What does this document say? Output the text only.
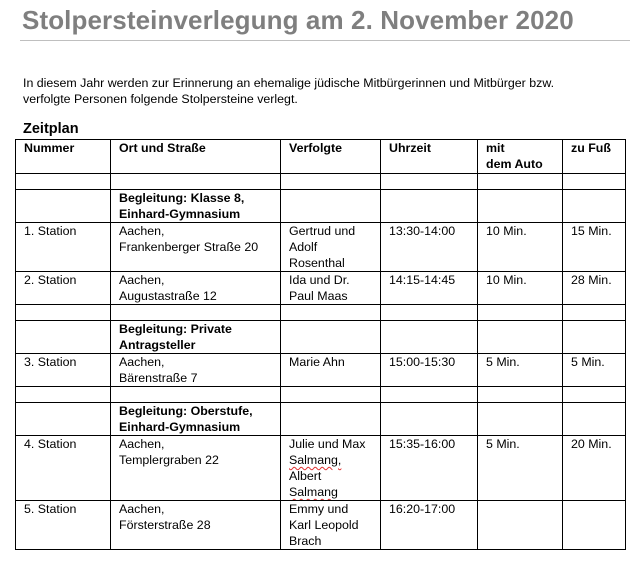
Stolpersteinverlegung am 2. November 2020
In diesem Jahr werden zur Erinnerung an ehemalige jüdische Mitbürgerinnen und Mitbürger bzw.
verfolgte Personen folgende Stolpersteine verlegt.
Zeitplan
Nummer	Ort und Straße	Verfolgte	Uhrzeit	mit
dem Auto	zu Fuß

	Begleitung: Klasse 8,
Einhard-Gymnasium				

1. Station	Aachen,
Frankenberger Straße 20	Gertrud und
Adolf
Rosenthal	13:30-14:00	10 Min.	15 Min.
2. Station	Aachen,
Augustastraße 12	Ida und Dr.
Paul Maas	14:15-14:45	10 Min.	28 Min.

	Begleitung: Private
Antragsteller				

3. Station	Aachen,
Bärenstraße 7	Marie Ahn	15:00-15:30	5 Min.	5 Min.

	Begleitung: Oberstufe,
Einhard-Gymnasium				

4. Station	Aachen,
Templergraben 22	Julie und Max
Salmang,
Albert
Salmang	15:35-16:00	5 Min.	20 Min.
5. Station	Aachen,
Försterstraße 28	Emmy und
Karl Leopold
Brach	16:20-17:00		
